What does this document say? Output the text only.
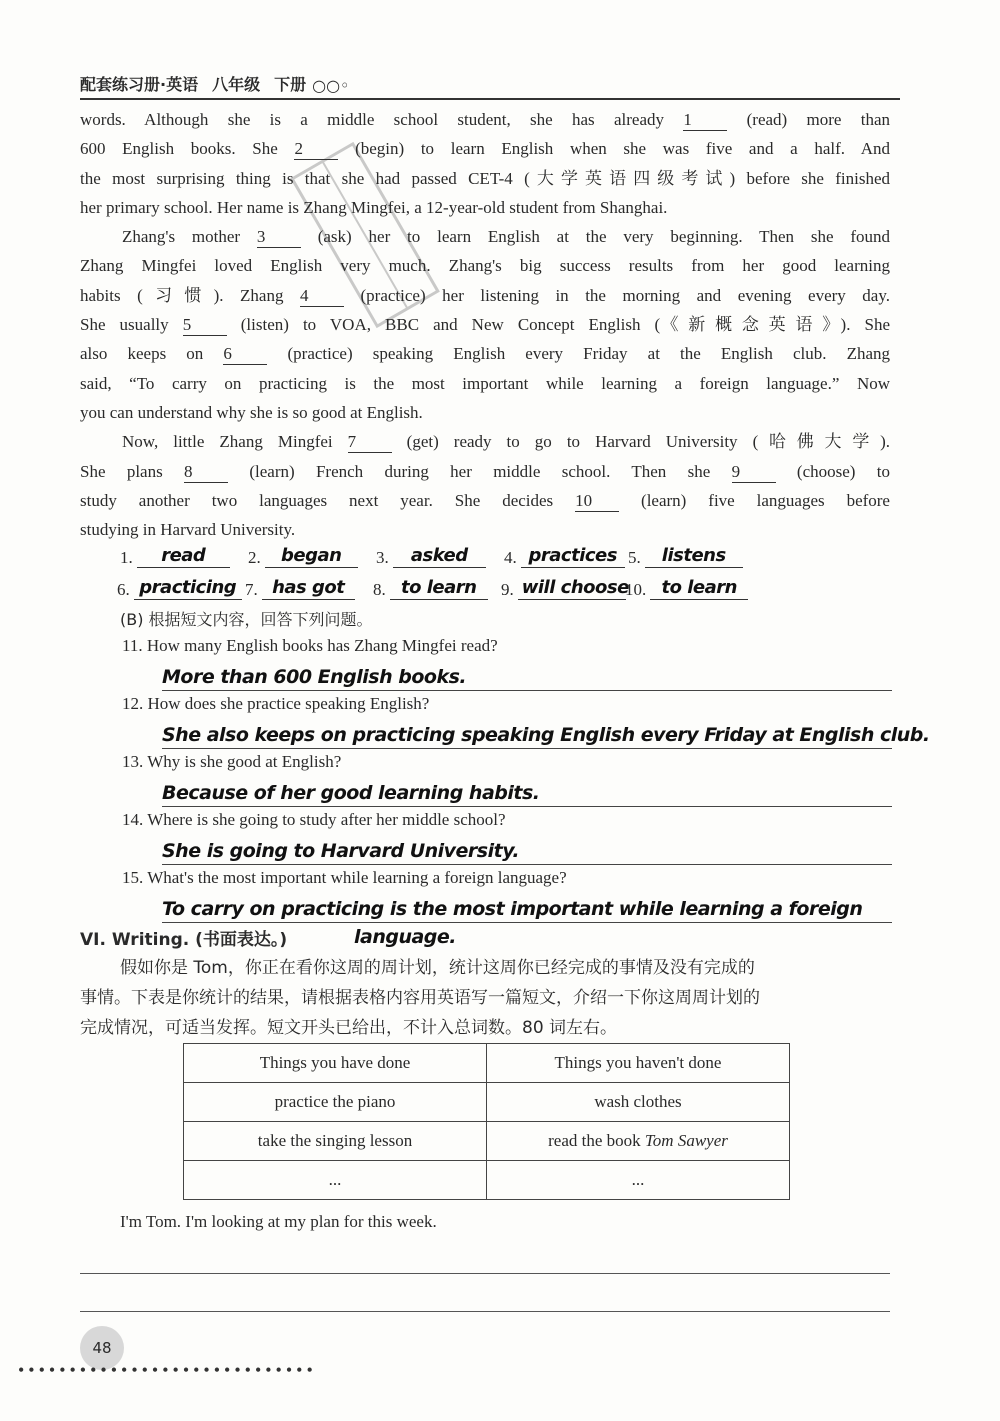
配套练习册·英语 八年级 下册 ○○◦
words. Although she is a middle school student, she has already 1 (read) more than
600 English books. She 2 (begin) to learn English when she was five and a half. And
the most surprising thing is that she had passed CET-4 (大学英语四级考试) before she finished
her primary school. Her name is Zhang Mingfei, a 12-year-old student from Shanghai.
Zhang's mother 3 (ask) her to learn English at the very beginning. Then she found
Zhang Mingfei loved English very much. Zhang's big success results from her good learning
habits (习惯). Zhang 4 (practice) her listening in the morning and evening every day.
She usually 5 (listen) to VOA, BBC and New Concept English (《新概念英语》). She
also keeps on 6 (practice) speaking English every Friday at the English club. Zhang
said, “To carry on practicing is the most important while learning a foreign language.” Now
you can understand why she is so good at English.
Now, little Zhang Mingfei 7 (get) ready to go to Harvard University (哈佛大学).
She plans 8 (learn) French during her middle school. Then she 9 (choose) to
study another two languages next year. She decides 10 (learn) five languages before
studying in Harvard University.
1.	read	2.	began	3.	asked	4. practices 5.	listens
6. practicing 7. has got	8. to learn	9. will choose
10. to learn
(B) 根据短文内容，回答下列问题。
11. How many English books has Zhang Mingfei read?
More than 600 English books.
12. How does she practice speaking English?
She also keeps on practicing speaking English every Friday at English club.
13. Why is she good at English?
Because of her good learning habits.
14. Where is she going to study after her middle school?
She is going to Harvard University.
15. What's the most important while learning a foreign language?
To carry on practicing is the most important while learning a foreign
language.
VI. Writing. (书面表达。)
假如你是 Tom，你正在看你这周的周计划，统计这周你已经完成的事情及没有完成的
事情。下表是你统计的结果，请根据表格内容用英语写一篇短文，介绍一下你这周周计划的
完成情况，可适当发挥。短文开头已给出，不计入总词数。80 词左右。
Things you have done	Things you haven't done
practice the piano	wash clothes
take the singing lesson	read the book Tom Sawyer
...	...
I'm Tom. I'm looking at my plan for this week.
48
•••••••••••••••••••••••••••••
